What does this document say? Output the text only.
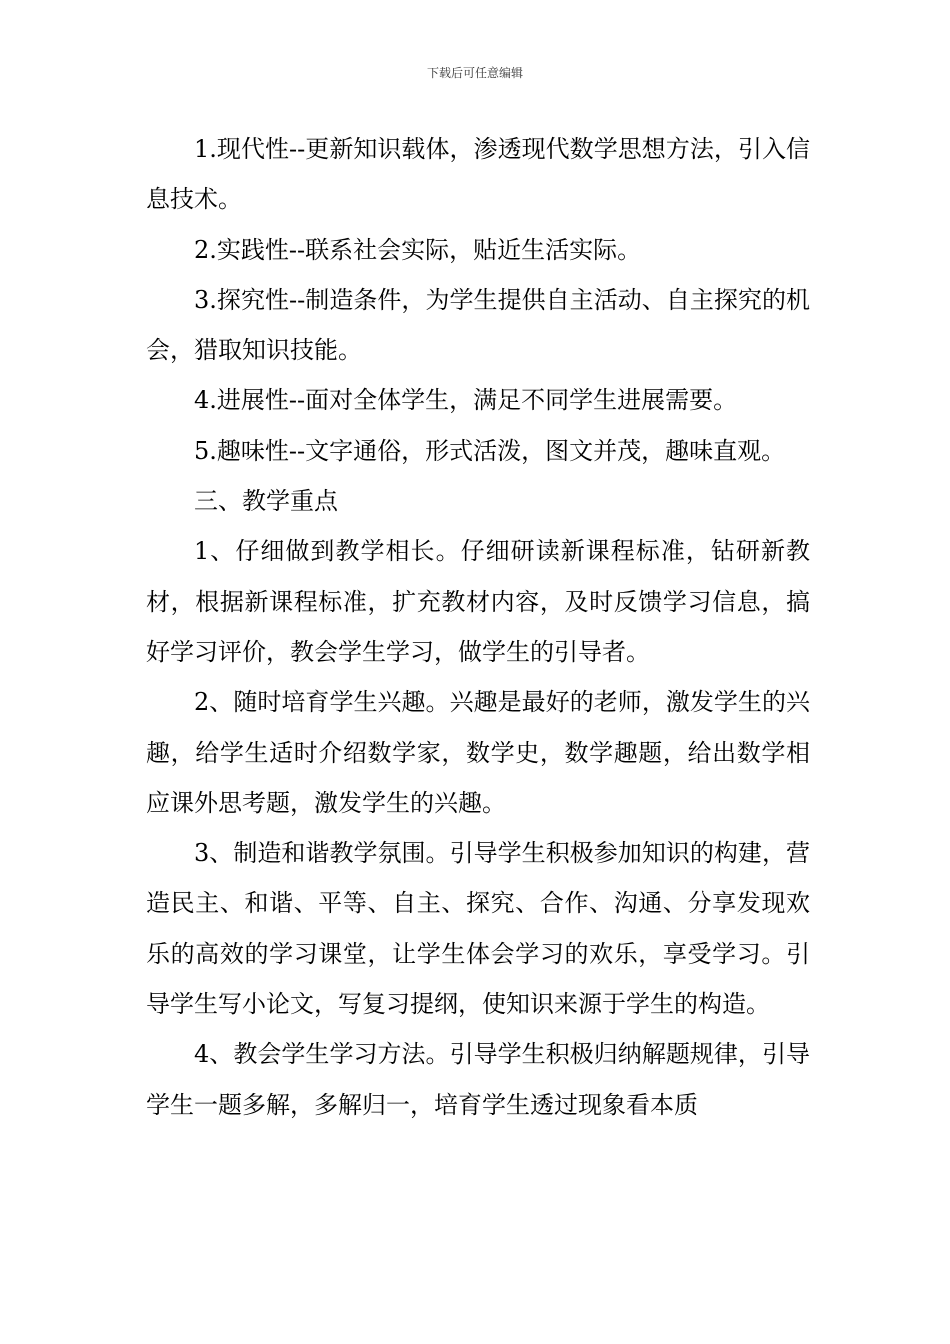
下载后可任意编辑

1.现代性--更新知识载体，渗透现代数学思想方法，引入信息技术。

2.实践性--联系社会实际，贴近生活实际。

3.探究性--制造条件，为学生提供自主活动、自主探究的机会，猎取知识技能。

4.进展性--面对全体学生，满足不同学生进展需要。

5.趣味性--文字通俗，形式活泼，图文并茂，趣味直观。

三、教学重点

1、仔细做到教学相长。仔细研读新课程标准，钻研新教材，根据新课程标准，扩充教材内容，及时反馈学习信息，搞好学习评价，教会学生学习，做学生的引导者。

2、随时培育学生兴趣。兴趣是最好的老师，激发学生的兴趣，给学生适时介绍数学家，数学史，数学趣题，给出数学相应课外思考题，激发学生的兴趣。

3、制造和谐教学氛围。引导学生积极参加知识的构建，营造民主、和谐、平等、自主、探究、合作、沟通、分享发现欢乐的高效的学习课堂，让学生体会学习的欢乐，享受学习。引导学生写小论文，写复习提纲，使知识来源于学生的构造。

4、教会学生学习方法。引导学生积极归纳解题规律，引导学生一题多解，多解归一，培育学生透过现象看本质
